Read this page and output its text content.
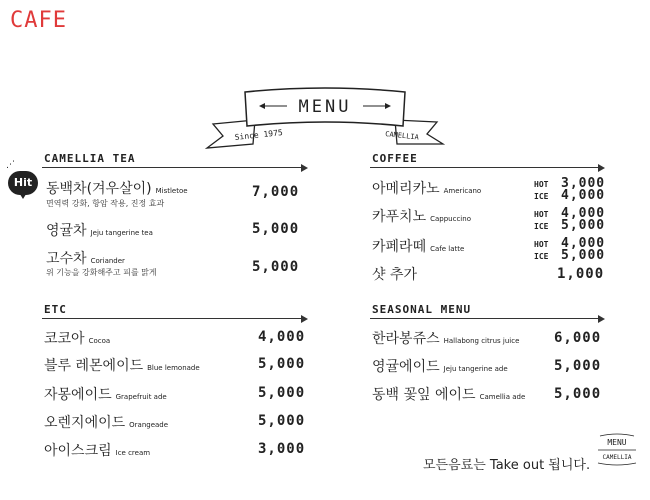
CAFE
MENU
Since 1975	CAMELLIA
⋰
Hit
CAMELLIA TEA
동백차(겨우살이) Mistletoe
면역력 강화, 항암 작용, 진정 효과
7,000
영귤차 Jeju tangerine tea	5,000
고수차 Coriander
위 기능을 강화해주고 피를 맑게	5,000
COFFEE
아메리카노 Americano
HOT 3,000
ICE 4,000
카푸치노 Cappuccino	HOT 4,000
ICE 5,000
카페라떼 Cafe latte	HOT 4,000
ICE 5,000
샷 추가	1,000
ETC
코코아 Cocoa	4,000
블루 레몬에이드 Blue lemonade	5,000
자몽에이드 Grapefruit ade	5,000
오렌지에이드 Orangeade	5,000
아이스크림 Ice cream	3,000
SEASONAL MENU
한라봉쥬스 Hallabong citrus juice 6,000
영귤에이드 Jeju tangerine ade	5,000
동백 꽃잎 에이드 Camellia ade 5,000
모든음료는 Take out 됩니다.
MENU
CAMELLIA
